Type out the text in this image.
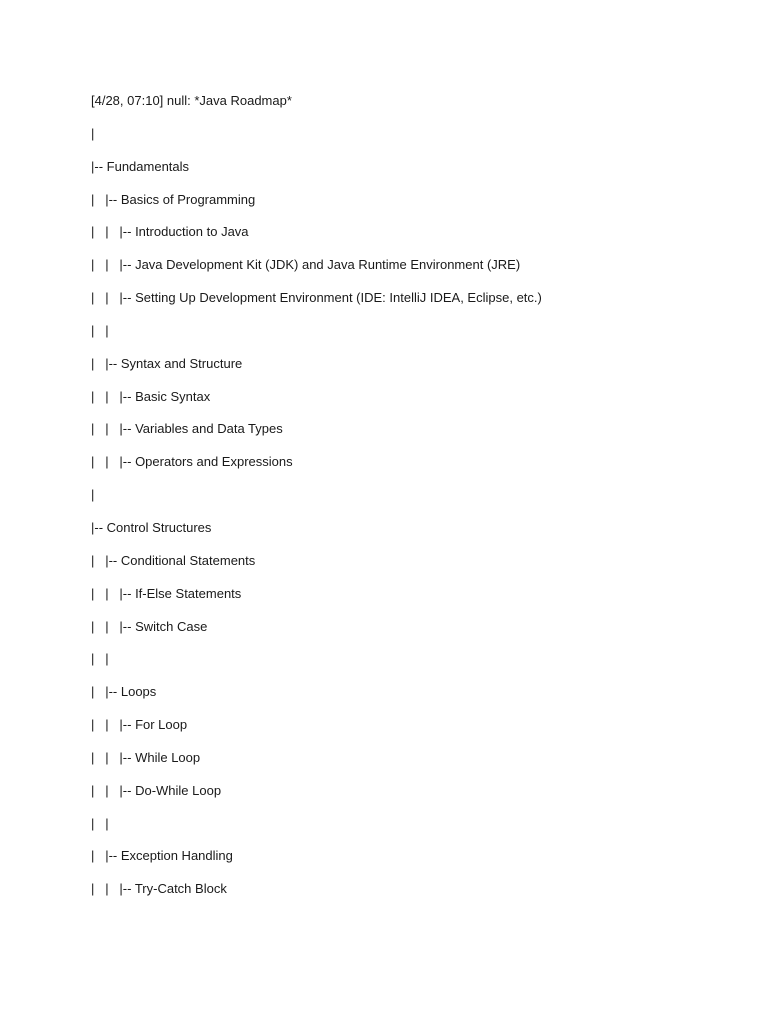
[4/28, 07:10] null: *Java Roadmap*
|
|-- Fundamentals
|   |-- Basics of Programming
|   |   |-- Introduction to Java
|   |   |-- Java Development Kit (JDK) and Java Runtime Environment (JRE)
|   |   |-- Setting Up Development Environment (IDE: IntelliJ IDEA, Eclipse, etc.)
|   |
|   |-- Syntax and Structure
|   |   |-- Basic Syntax
|   |   |-- Variables and Data Types
|   |   |-- Operators and Expressions
|
|-- Control Structures
|   |-- Conditional Statements
|   |   |-- If-Else Statements
|   |   |-- Switch Case
|   |
|   |-- Loops
|   |   |-- For Loop
|   |   |-- While Loop
|   |   |-- Do-While Loop
|   |
|   |-- Exception Handling
|   |   |-- Try-Catch Block
